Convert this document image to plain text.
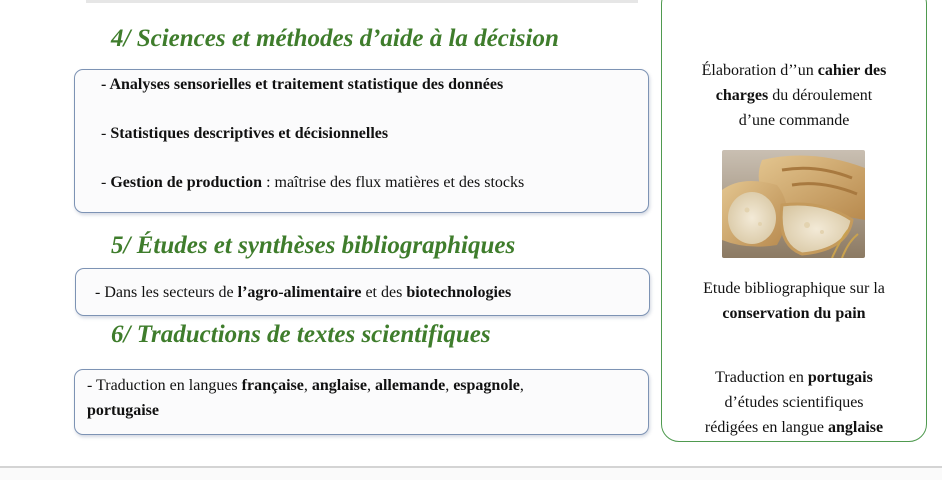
4/ Sciences et méthodes d’aide à la décision
- Analyses sensorielles et traitement statistique des données
- Statistiques descriptives et décisionnelles
- Gestion de production : maîtrise des flux matières et des stocks
5/ Études et synthèses bibliographiques
- Dans les secteurs de l’agro-alimentaire et des biotechnologies
6/ Traductions de textes scientifiques
- Traduction en langues française, anglaise, allemande, espagnole,
portugaise
Élaboration d’’un cahier des
charges du déroulement
d’une commande
Etude bibliographique sur la
conservation du pain
Traduction en portugais
d’études scientifiques
rédigées en langue anglaise
